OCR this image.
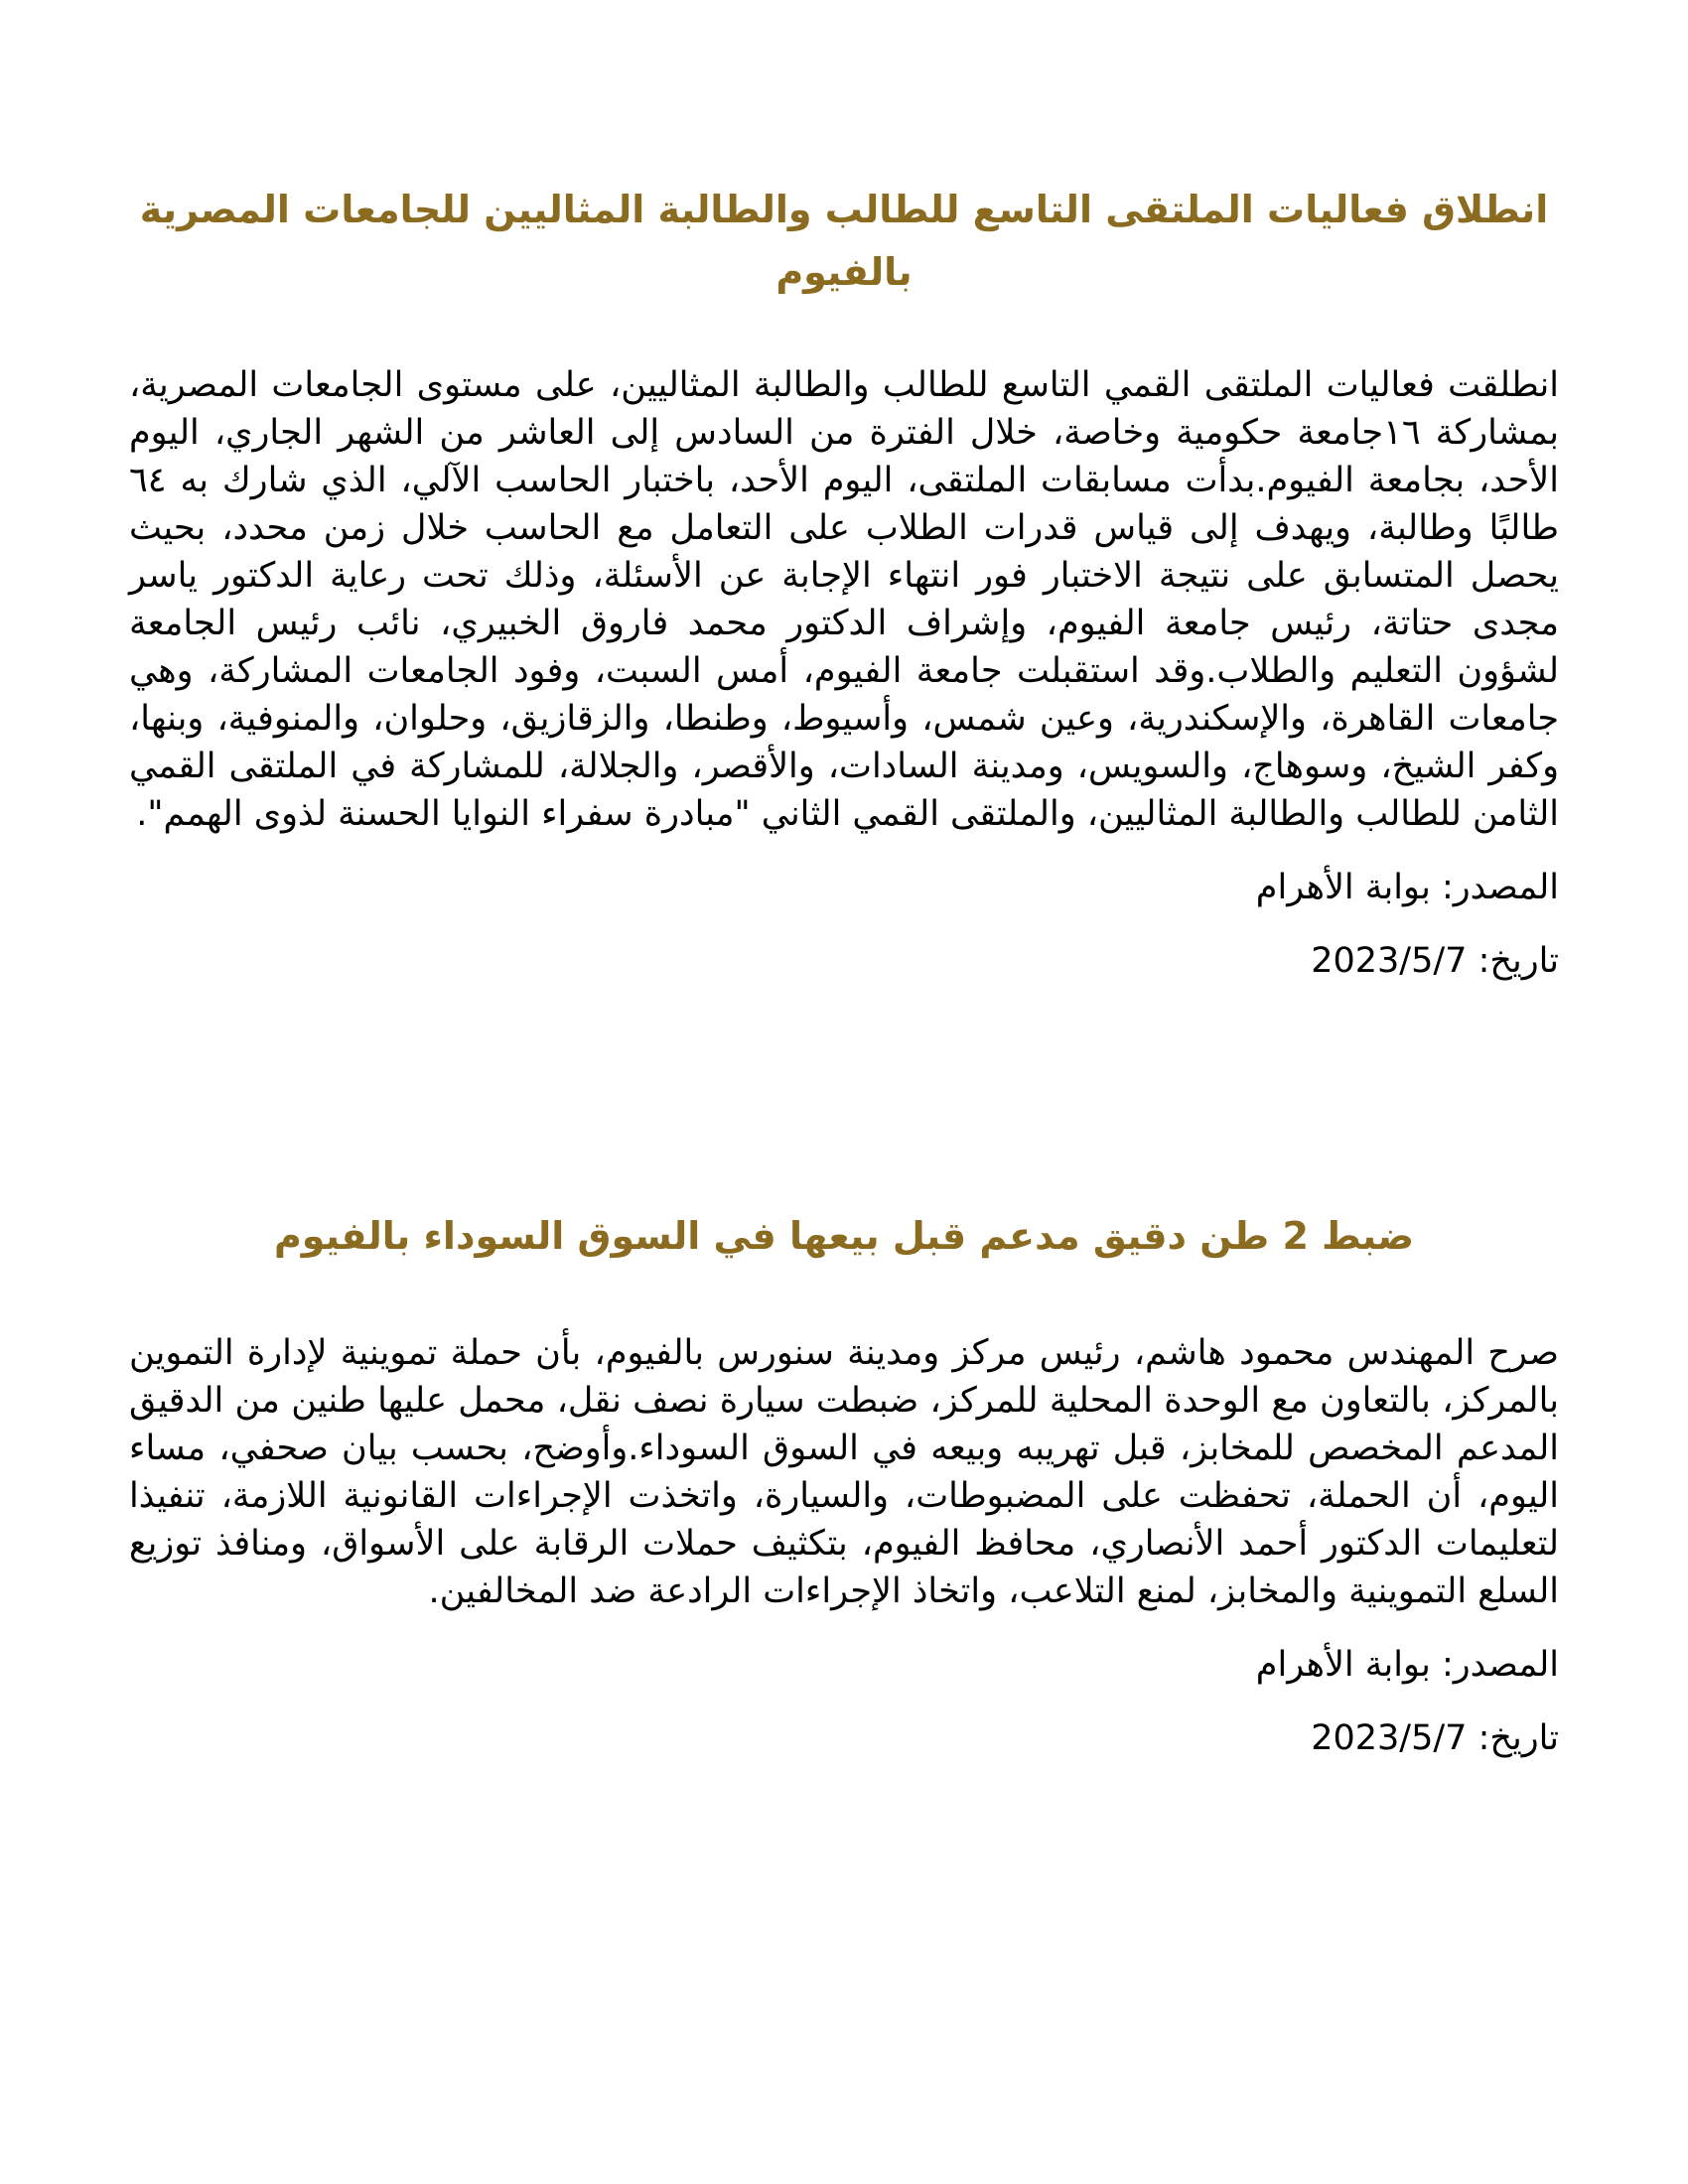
انطلاق فعاليات الملتقى التاسع للطالب والطالبة المثاليين للجامعات المصرية بالفيوم

انطلقت فعاليات الملتقى القمي التاسع للطالب والطالبة المثاليين، على مستوى الجامعات المصرية، بمشاركة ١٦جامعة حكومية وخاصة، خلال الفترة من السادس إلى العاشر من الشهر الجاري، اليوم الأحد، بجامعة الفيوم.بدأت مسابقات الملتقى، اليوم الأحد، باختبار الحاسب الآلي، الذي شارك به ٦٤ طالبًا وطالبة، ويهدف إلى قياس قدرات الطلاب على التعامل مع الحاسب خلال زمن محدد، بحيث يحصل المتسابق على نتيجة الاختبار فور انتهاء الإجابة عن الأسئلة، وذلك تحت رعاية الدكتور ياسر مجدى حتاتة، رئيس جامعة الفيوم، وإشراف الدكتور محمد فاروق الخبيري، نائب رئيس الجامعة لشؤون التعليم والطلاب.وقد استقبلت جامعة الفيوم، أمس السبت، وفود الجامعات المشاركة، وهي جامعات القاهرة، والإسكندرية، وعين شمس، وأسيوط، وطنطا، والزقازيق، وحلوان، والمنوفية، وبنها، وكفر الشيخ، وسوهاج، والسويس، ومدينة السادات، والأقصر، والجلالة، للمشاركة في الملتقى القمي الثامن للطالب والطالبة المثاليين، والملتقى القمي الثاني "مبادرة سفراء النوايا الحسنة لذوى الهمم".

المصدر: بوابة الأهرام

تاريخ: 2023/5/7

ضبط 2 طن دقيق مدعم قبل بيعها في السوق السوداء بالفيوم

صرح المهندس محمود هاشم، رئيس مركز ومدينة سنورس بالفيوم، بأن حملة تموينية لإدارة التموين بالمركز، بالتعاون مع الوحدة المحلية للمركز، ضبطت سيارة نصف نقل، محمل عليها طنين من الدقيق المدعم المخصص للمخابز، قبل تهريبه وبيعه في السوق السوداء.وأوضح، بحسب بيان صحفي، مساء اليوم، أن الحملة، تحفظت على المضبوطات، والسيارة، واتخذت الإجراءات القانونية اللازمة، تنفيذا لتعليمات الدكتور أحمد الأنصاري، محافظ الفيوم، بتكثيف حملات الرقابة على الأسواق، ومنافذ توزيع السلع التموينية والمخابز، لمنع التلاعب، واتخاذ الإجراءات الرادعة ضد المخالفين.

المصدر: بوابة الأهرام

تاريخ: 2023/5/7
